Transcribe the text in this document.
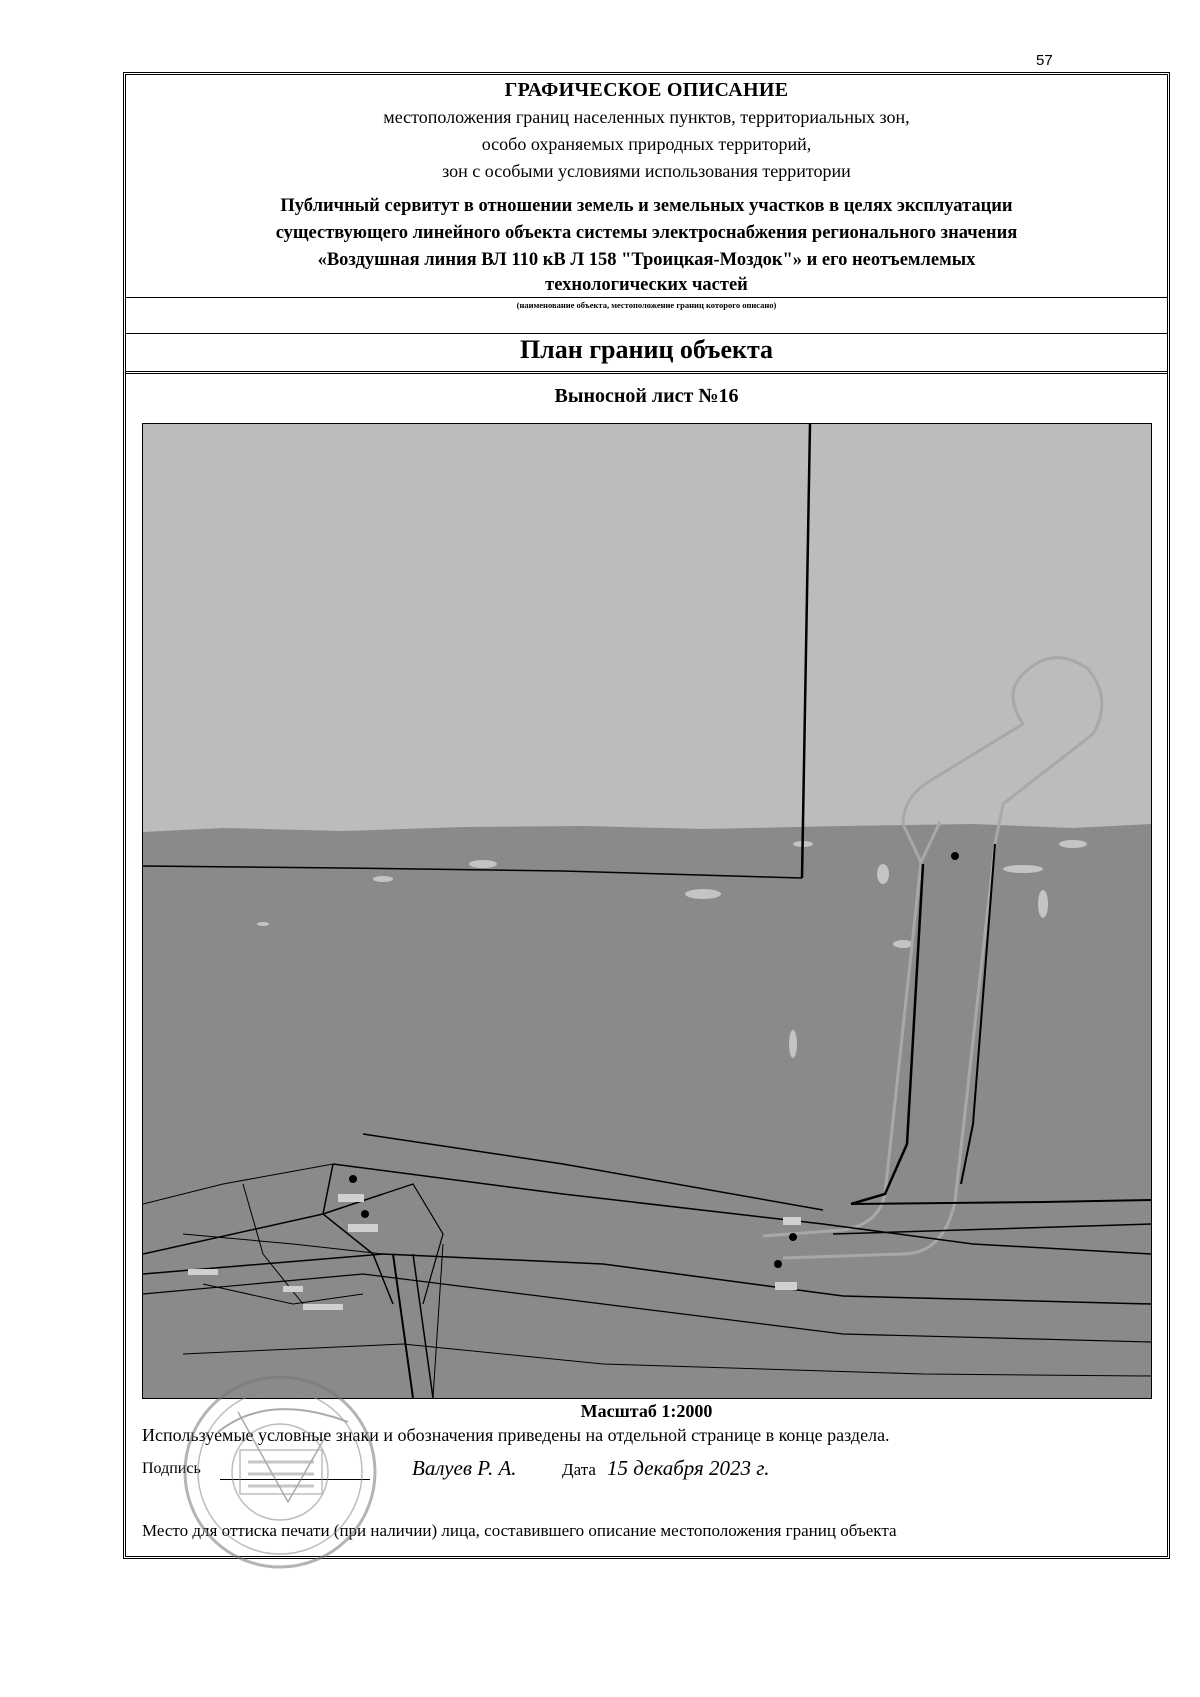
57
ГРАФИЧЕСКОЕ ОПИСАНИЕ
местоположения границ населенных пунктов, территориальных зон,
особо охраняемых природных территорий,
зон с особыми условиями использования территории
Публичный сервитут в отношении земель и земельных участков в целях эксплуатации
существующего линейного объекта системы электроснабжения регионального значения
«Воздушная линия ВЛ 110 кВ Л 158 "Троицкая-Моздок"» и его неотъемлемых
технологических частей
(наименование объекта, местоположение границ которого описано)
План границ объекта
Выносной лист №16
Масштаб 1:2000
Используемые условные знаки и обозначения приведены на отдельной странице в конце раздела.
Подпись	Валуев Р. А.	Дата 15 декабря 2023 г.
Место для оттиска печати (при наличии) лица, составившего описание местоположения границ объекта
